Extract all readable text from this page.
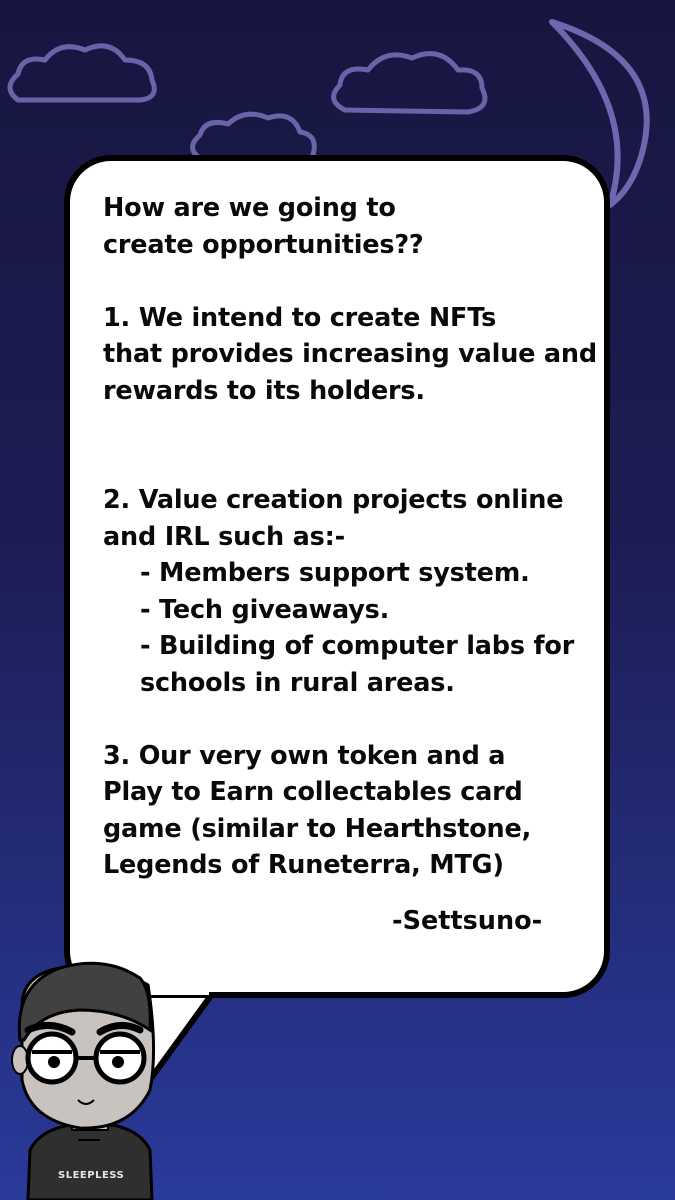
How are we going to

create opportunities??

1. We intend to create NFTs

that provides increasing value and

rewards to its holders.

2. Value creation projects online

and IRL such as:-

- Members support system.

- Tech giveaways.

- Building of computer labs for

schools in rural areas.

3. Our very own token and a

Play to Earn collectables card

game (similar to Hearthstone,

Legends of Runeterra, MTG)

-Settsuno-
SLEEPLESS
